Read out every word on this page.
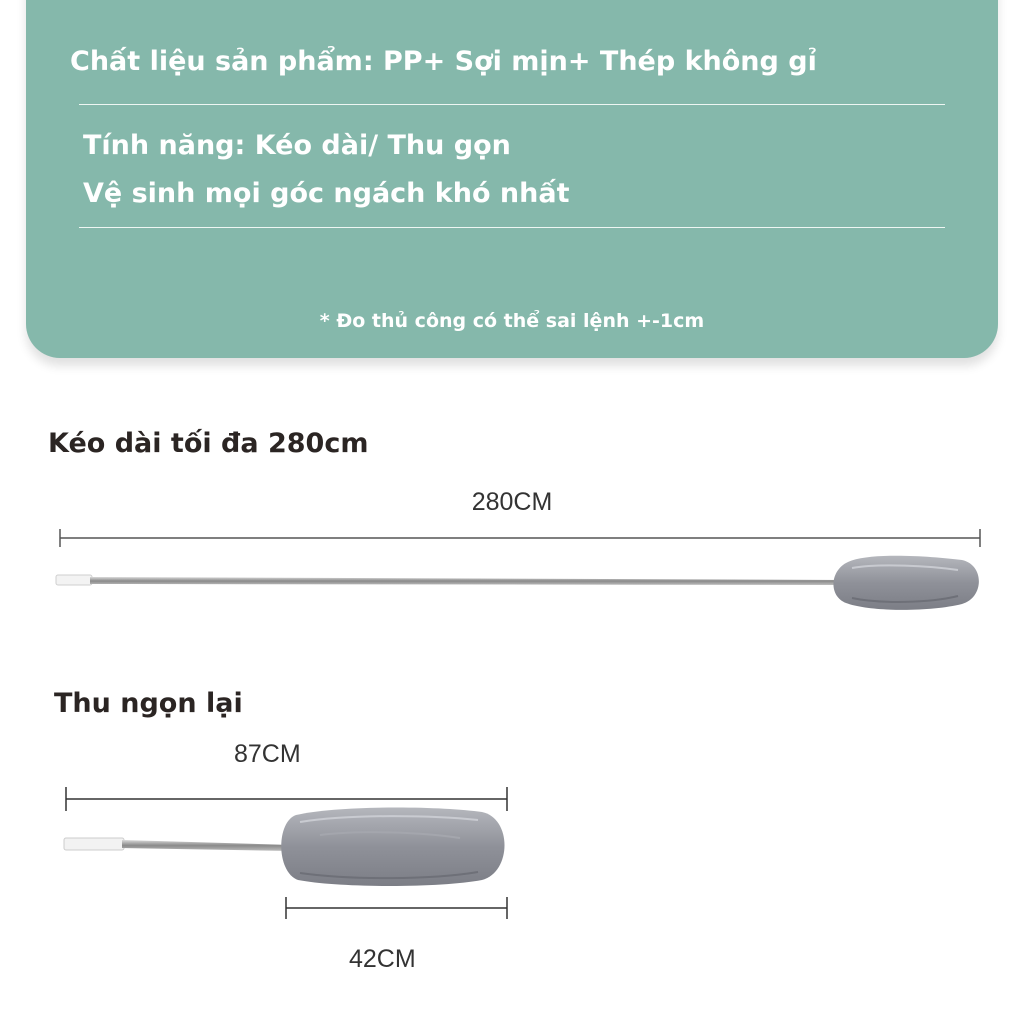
Chất liệu sản phẩm: PP+ Sợi mịn+ Thép không gỉ
Tính năng: Kéo dài/ Thu gọn
Vệ sinh mọi góc ngách khó nhất
* Đo thủ công có thể sai lệnh +-1cm
Kéo dài tối đa 280cm
280CM
Thu ngọn lại
87CM
42CM
